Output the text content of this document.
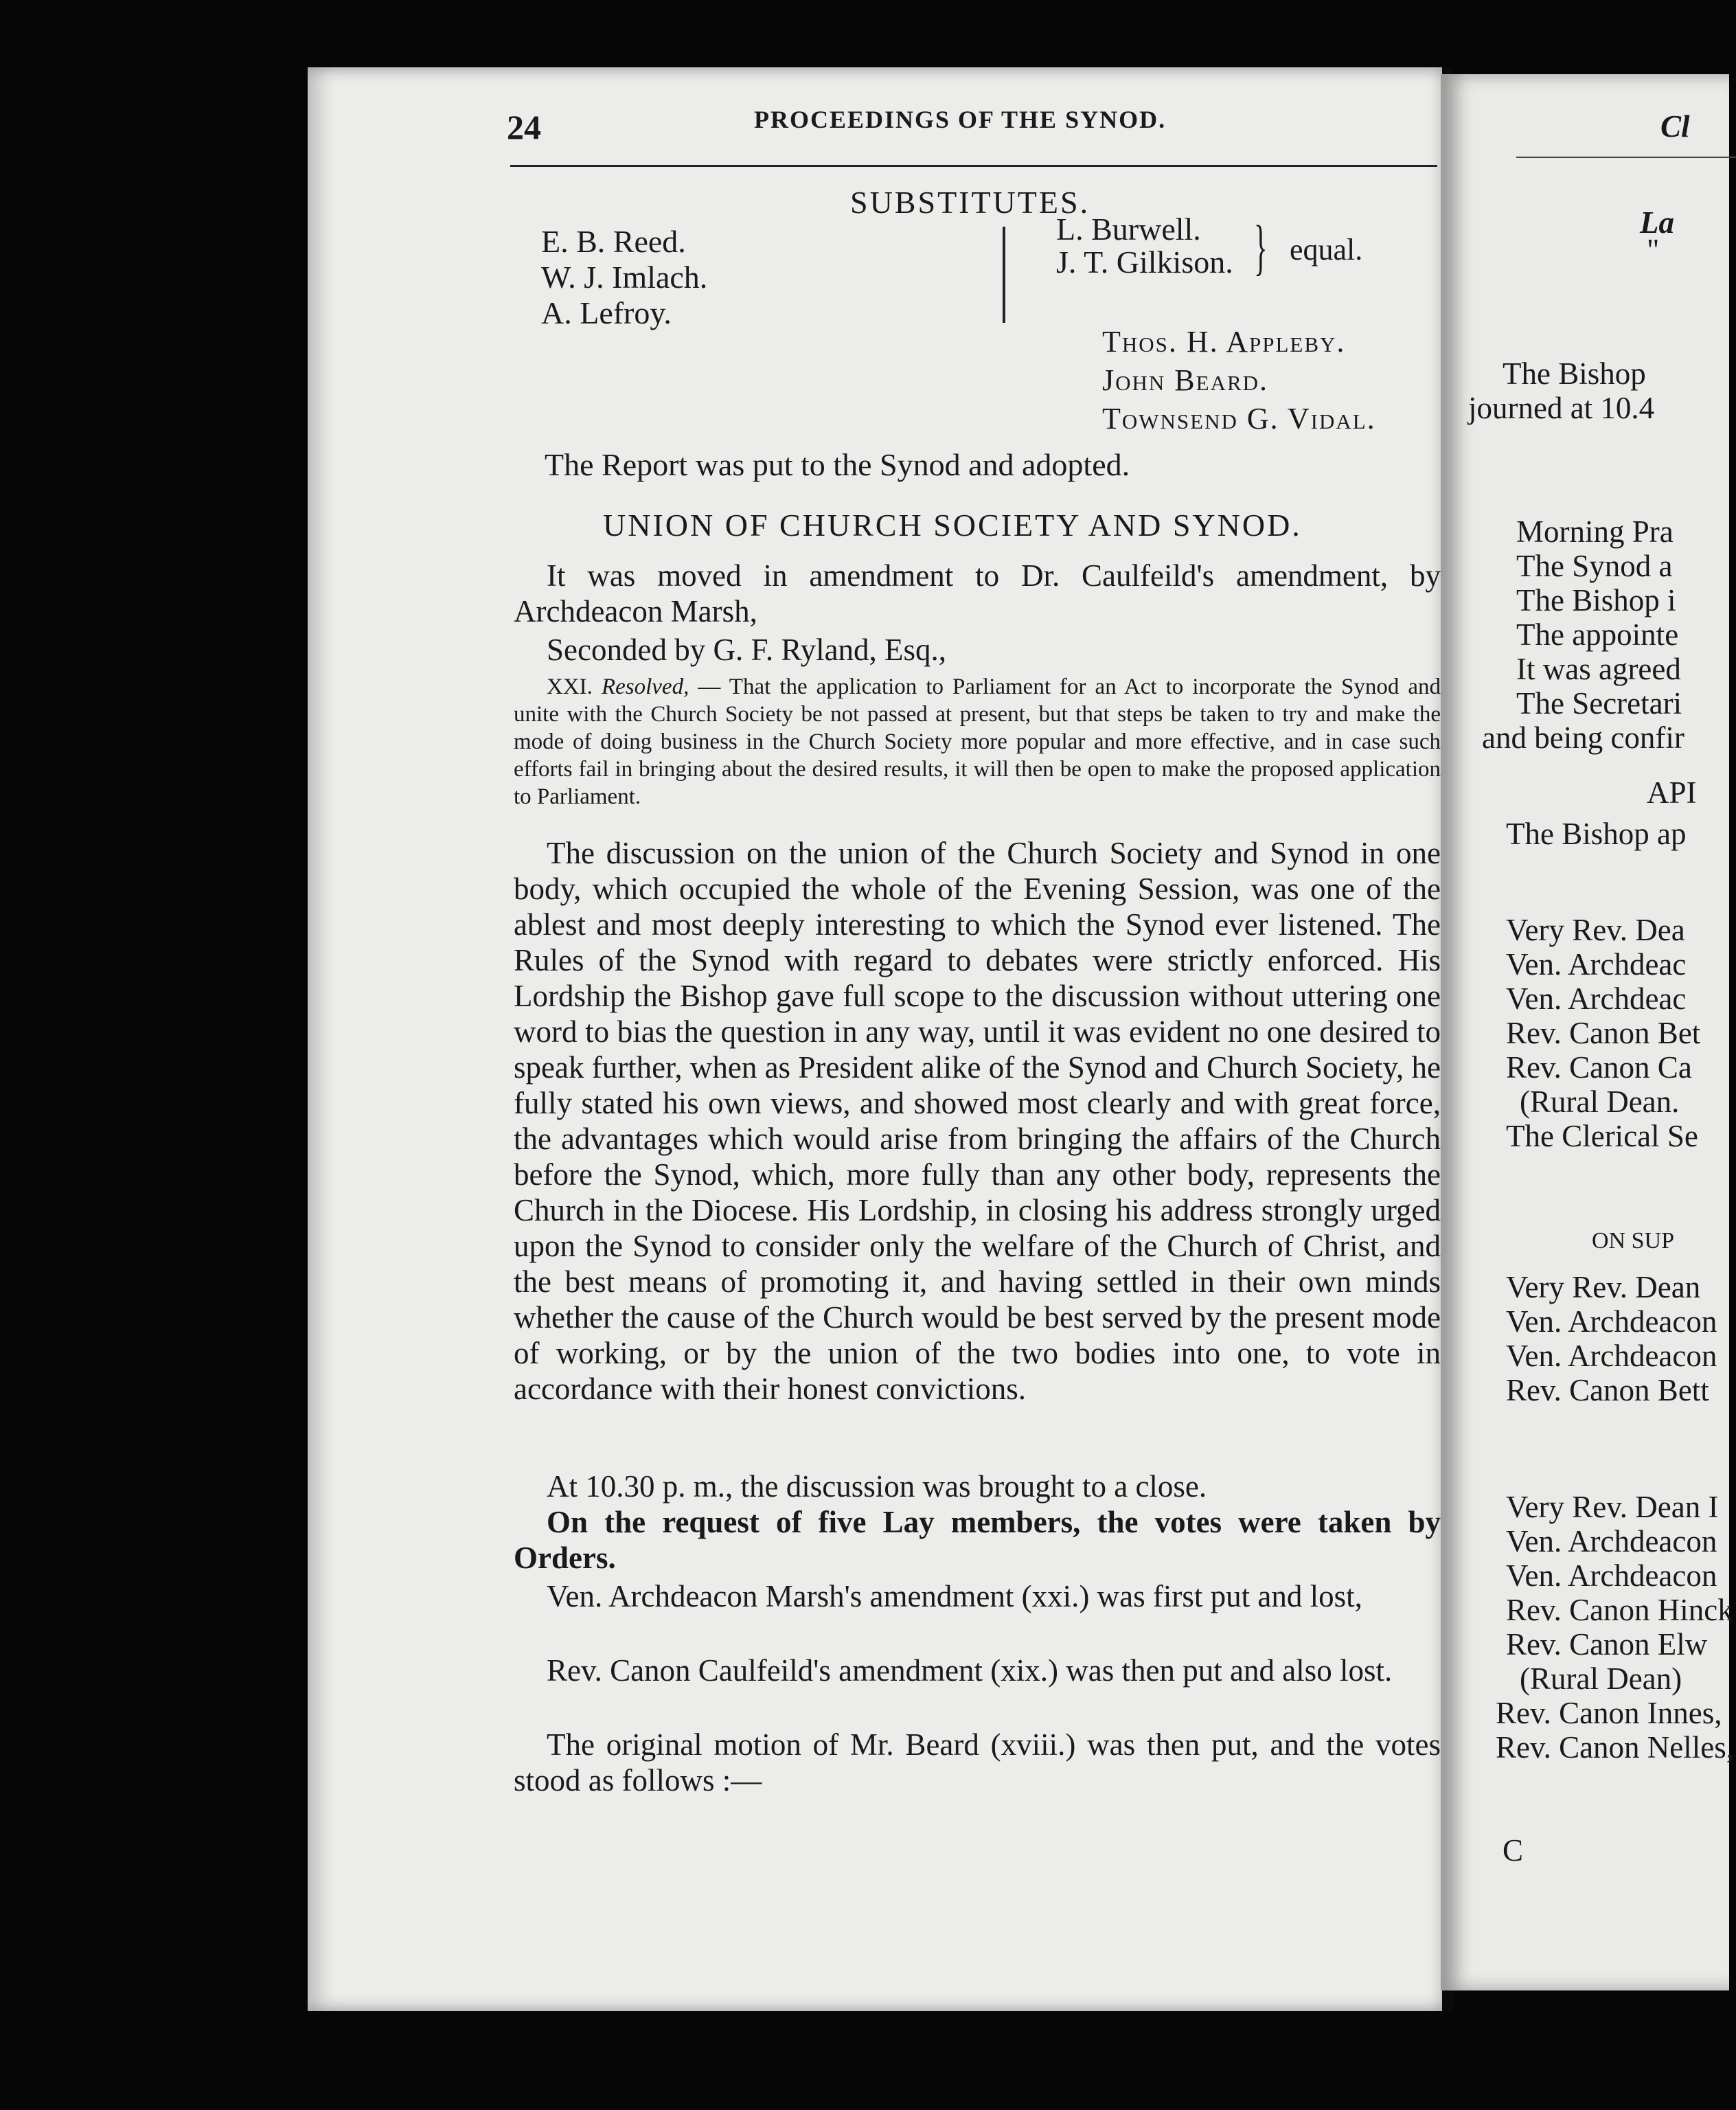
24	PROCEEDINGS OF THE SYNOD.
SUBSTITUTES.
E. B. Reed.
W. J. Imlach.
A. Lefroy.
L. Burwell.
J. T. Gilkison. } equal.
Thos. H. Appleby.
John Beard.
Townsend G. Vidal.
The Report was put to the Synod and adopted.
UNION OF CHURCH SOCIETY AND SYNOD.
It was moved in amendment to Dr. Caulfeild's amendment, by Archdeacon Marsh,
Seconded by G. F. Ryland, Esq.,
XXI. Resolved, — That the application to Parliament for an Act to incorporate the Synod and unite with the Church Society be not passed at present, but that steps be taken to try and make the mode of doing business in the Church Society more popular and more effective, and in case such efforts fail in bringing about the desired results, it will then be open to make the proposed application to Parliament.
The discussion on the union of the Church Society and Synod in one body, which occupied the whole of the Evening Session, was one of the ablest and most deeply interesting to which the Synod ever listened. The Rules of the Synod with regard to debates were strictly enforced. His Lordship the Bishop gave full scope to the discussion without uttering one word to bias the question in any way, until it was evident no one desired to speak further, when as President alike of the Synod and Church Society, he fully stated his own views, and showed most clearly and with great force, the advantages which would arise from bringing the affairs of the Church before the Synod, which, more fully than any other body, represents the Church in the Diocese. His Lordship, in closing his address strongly urged upon the Synod to consider only the welfare of the Church of Christ, and the best means of promoting it, and having settled in their own minds whether the cause of the Church would be best served by the present mode of working, or by the union of the two bodies into one, to vote in accordance with their honest convictions.
At 10.30 p. m., the discussion was brought to a close.
On the request of five Lay members, the votes were taken by Orders.
Ven. Archdeacon Marsh's amendment (xxi.) was first put and lost,
Rev. Canon Caulfeild's amendment (xix.) was then put and also lost.
The original motion of Mr. Beard (xviii.) was then put, and the votes stood as follows :—
Cl
La
"
The Bishop
journed at 10.4
Morning Pra
The Synod a
The Bishop i
The appointe
It was agreed
The Secretari
and being confir
API
The Bishop ap
Very Rev. Dea
Ven. Archdeac
Ven. Archdeac
Rev. Canon Bet
Rev. Canon Ca
(Rural Dean.
The Clerical Se
ON SUP
Very Rev. Dean
Ven. Archdeacon
Ven. Archdeacon
Rev. Canon Bett
Very Rev. Dean I
Ven. Archdeacon
Ven. Archdeacon
Rev. Canon Hinck
Rev. Canon Elw
(Rural Dean)
Rev. Canon Innes,
Rev. Canon Nelles,
C
